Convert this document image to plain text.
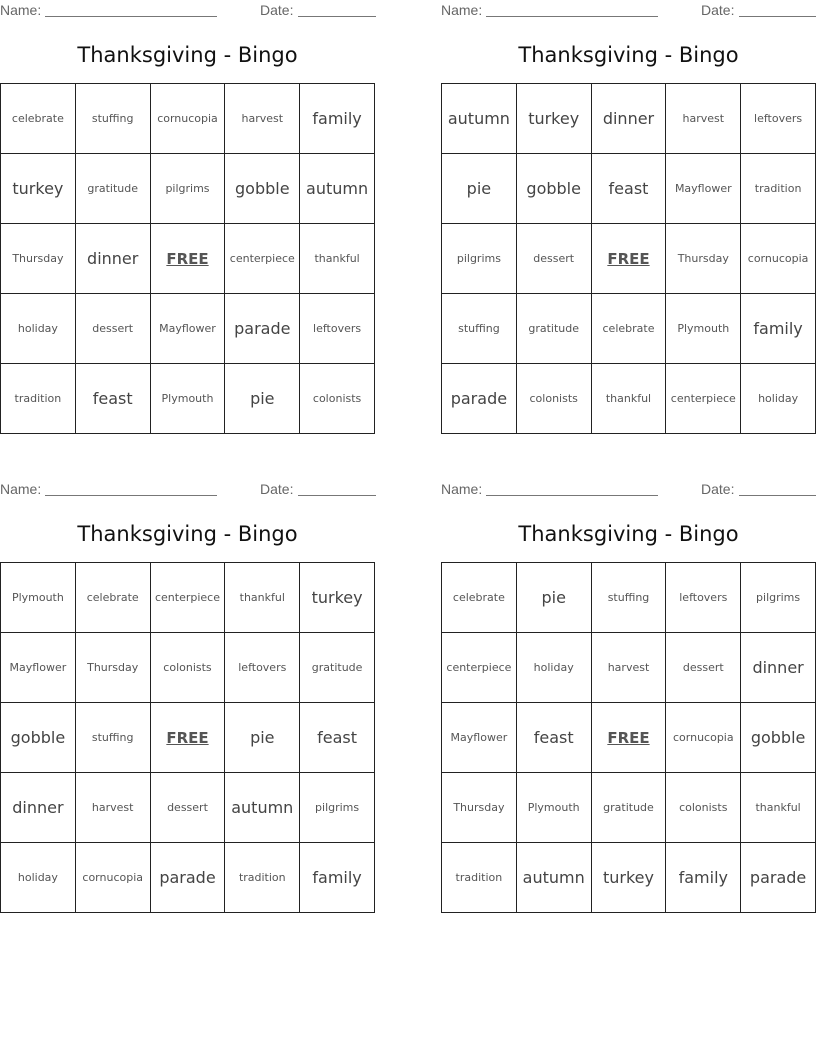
Name:	Date:
Thanksgiving - Bingo
celebrate	stuffing	cornucopia	harvest	family
turkey	gratitude	pilgrims	gobble	autumn
Thursday	dinner	FREE	centerpiece	thankful
holiday	dessert	Mayflower	parade	leftovers
tradition	feast	Plymouth	pie	colonists
Name:	Date:
Thanksgiving - Bingo
autumn	turkey	dinner	harvest	leftovers
pie	gobble	feast	Mayflower	tradition
pilgrims	dessert	FREE	Thursday	cornucopia
stuffing	gratitude	celebrate	Plymouth	family
parade	colonists	thankful	centerpiece	holiday
Name:	Date:
Thanksgiving - Bingo
Plymouth	celebrate	centerpiece	thankful	turkey
Mayflower	Thursday	colonists	leftovers	gratitude
gobble	stuffing	FREE	pie	feast
dinner	harvest	dessert	autumn	pilgrims
holiday	cornucopia	parade	tradition	family
Name:	Date:
Thanksgiving - Bingo
celebrate	pie	stuffing	leftovers	pilgrims
centerpiece	holiday	harvest	dessert	dinner
Mayflower	feast	FREE	cornucopia	gobble
Thursday	Plymouth	gratitude	colonists	thankful
tradition	autumn	turkey	family	parade
